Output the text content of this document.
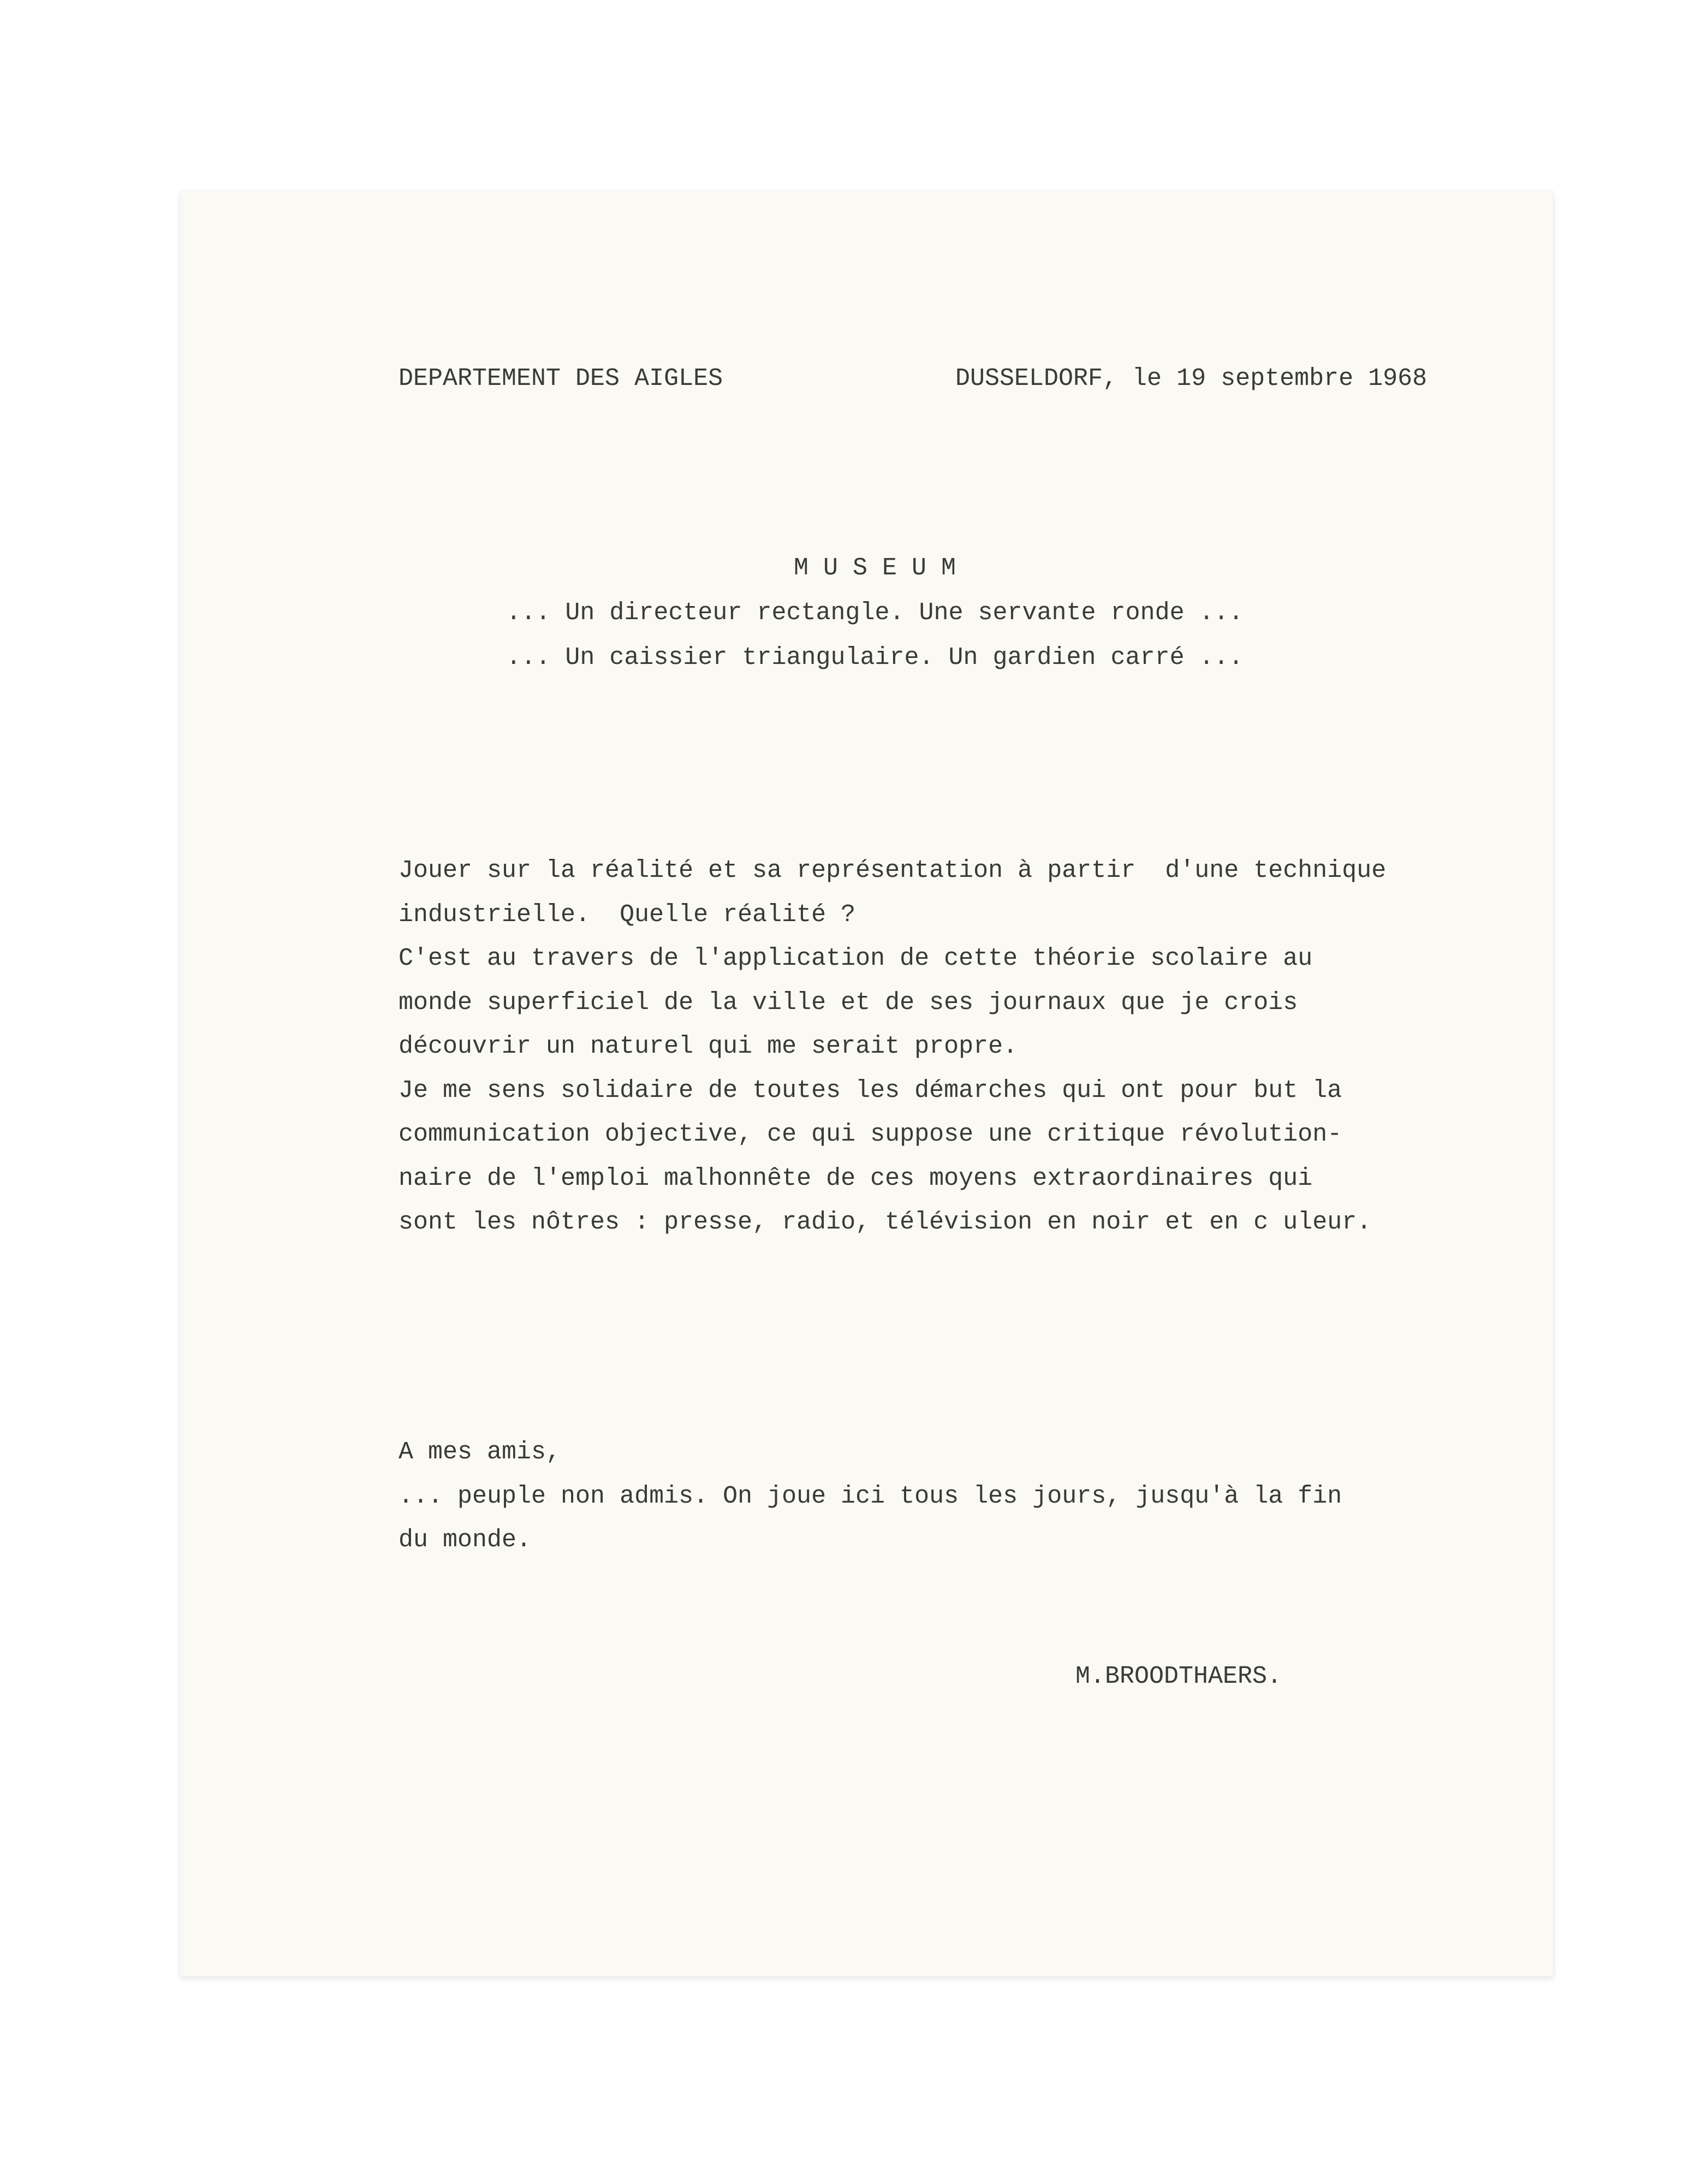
DEPARTEMENT DES AIGLES	DUSSELDORF, le 19 septembre 1968

M U S E U M
... Un directeur rectangle. Une servante ronde ...
... Un caissier triangulaire. Un gardien carré ...
Jouer sur la réalité et sa représentation à partir  d'une technique
industrielle.  Quelle réalité ?
C'est au travers de l'application de cette théorie scolaire au
monde superficiel de la ville et de ses journaux que je crois
découvrir un naturel qui me serait propre.
Je me sens solidaire de toutes les démarches qui ont pour but la
communication objective, ce qui suppose une critique révolution-
naire de l'emploi malhonnête de ces moyens extraordinaires qui
sont les nôtres : presse, radio, télévision en noir et en c uleur.
A mes amis,
... peuple non admis. On joue ici tous les jours, jusqu'à la fin
du monde.

M.BROODTHAERS.
